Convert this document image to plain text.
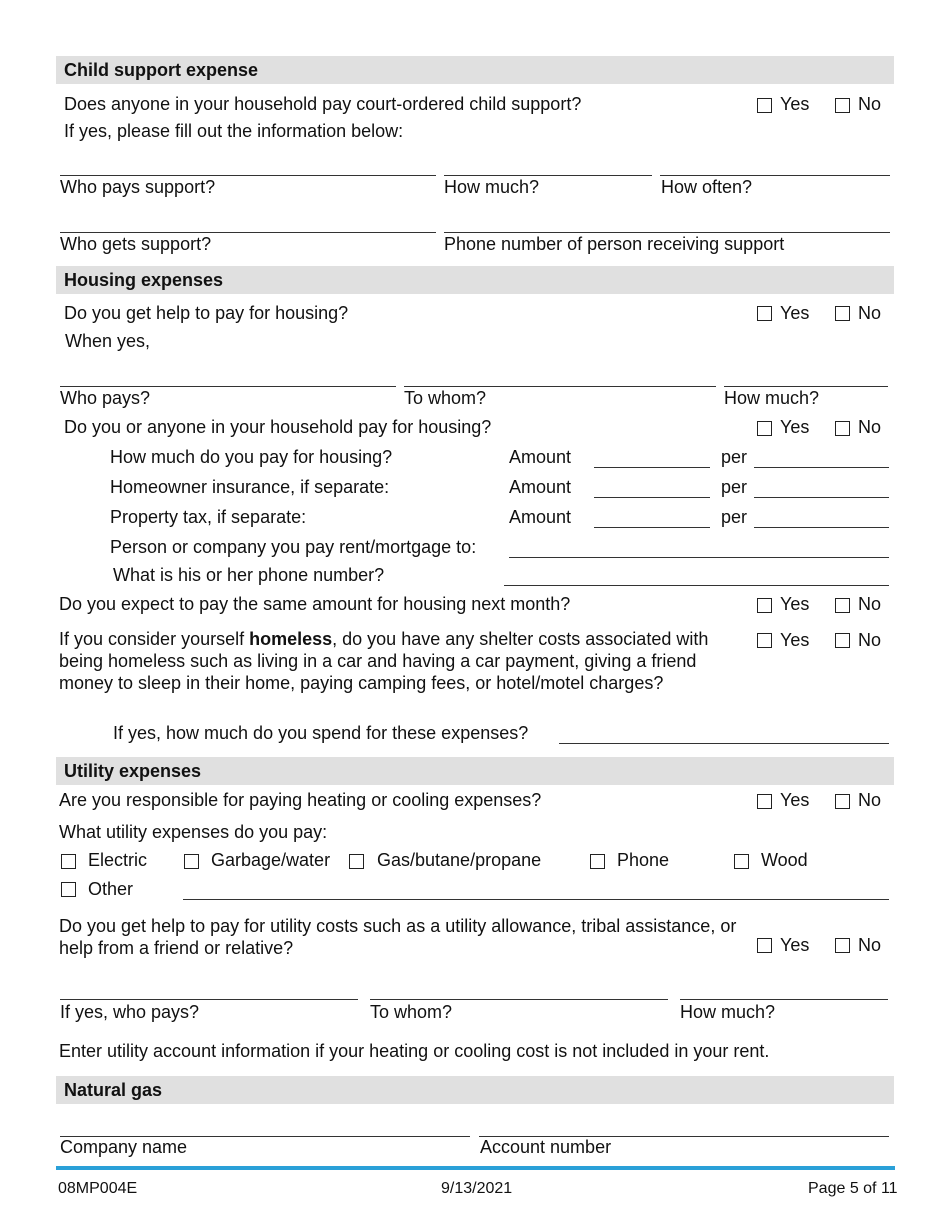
Child support expense
Does anyone in your household pay court-ordered child support?	Yes	No
If yes, please fill out the information below:
Who pays support?	How much?	How often?
Who gets support?	Phone number of person receiving support
Housing expenses
Do you get help to pay for housing?	Yes	No
When yes,
Who pays?	To whom?	How much?
Do you or anyone in your household pay for housing?	Yes	No
How much do you pay for housing?	Amount	per
Homeowner insurance, if separate:	Amount	per
Property tax, if separate:	Amount	per
Person or company you pay rent/mortgage to:
What is his or her phone number?
Do you expect to pay the same amount for housing next month?	Yes	No
If you consider yourself homeless, do you have any shelter costs associated with being homeless such as living in a car and having a car payment, giving a friend money to sleep in their home, paying camping fees, or hotel/motel charges?
Yes	No
If yes, how much do you spend for these expenses?
Utility expenses
Are you responsible for paying heating or cooling expenses?	Yes	No
What utility expenses do you pay:
Electric	Garbage/water	Gas/butane/propane	Phone	Wood
Other
Do you get help to pay for utility costs such as a utility allowance, tribal assistance, or help from a friend or relative?	Yes	No
If yes, who pays?	To whom?	How much?
Enter utility account information if your heating or cooling cost is not included in your rent.
Natural gas
Company name	Account number
08MP004E	9/13/2021	Page 5 of 11
